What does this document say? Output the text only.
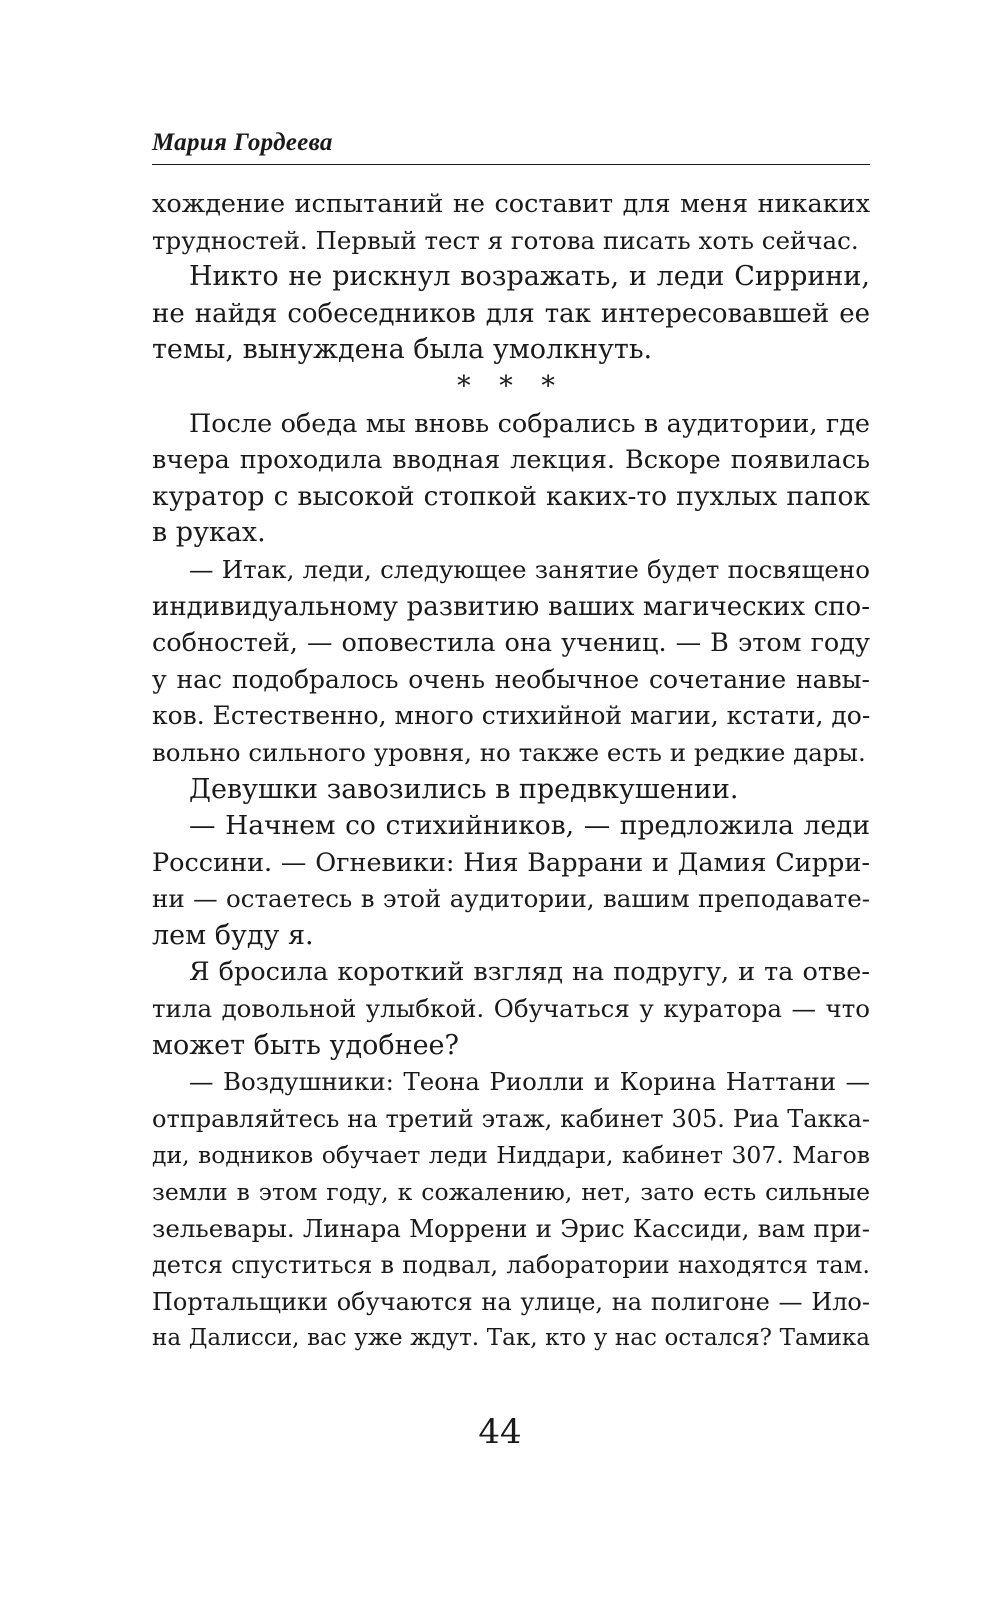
Мария Гордеева
хождение испытаний не составит для меня никаких
трудностей. Первый тест я готова писать хоть сейчас.
Никто не рискнул возражать, и леди Сиррини,
не найдя собеседников для так интересовавшей ее
темы, вынуждена была умолкнуть.
* * *
После обеда мы вновь собрались в аудитории, где
вчера проходила вводная лекция. Вскоре появилась
куратор с высокой стопкой каких-то пухлых папок
в руках.
— Итак, леди, следующее занятие будет посвящено
индивидуальному развитию ваших магических спо-
собностей, — оповестила она учениц. — В этом году
у нас подобралось очень необычное сочетание навы-
ков. Естественно, много стихийной магии, кстати, до-
вольно сильного уровня, но также есть и редкие дары.
Девушки завозились в предвкушении.
— Начнем со стихийников, — предложила леди
Россини. — Огневики: Ния Варрани и Дамия Сирри-
ни — остаетесь в этой аудитории, вашим преподавате-
лем буду я.
Я бросила короткий взгляд на подругу, и та отве-
тила довольной улыбкой. Обучаться у куратора — что
может быть удобнее?
— Воздушники: Теона Риолли и Корина Наттани —
отправляйтесь на третий этаж, кабинет 305. Риа Такка-
ди, водников обучает леди Ниддари, кабинет 307. Магов
земли в этом году, к сожалению, нет, зато есть сильные
зельевары. Линара Моррени и Эрис Кассиди, вам при-
дется спуститься в подвал, лаборатории находятся там.
Портальщики обучаются на улице, на полигоне — Ило-
на Далисси, вас уже ждут. Так, кто у нас остался? Тамика
44
